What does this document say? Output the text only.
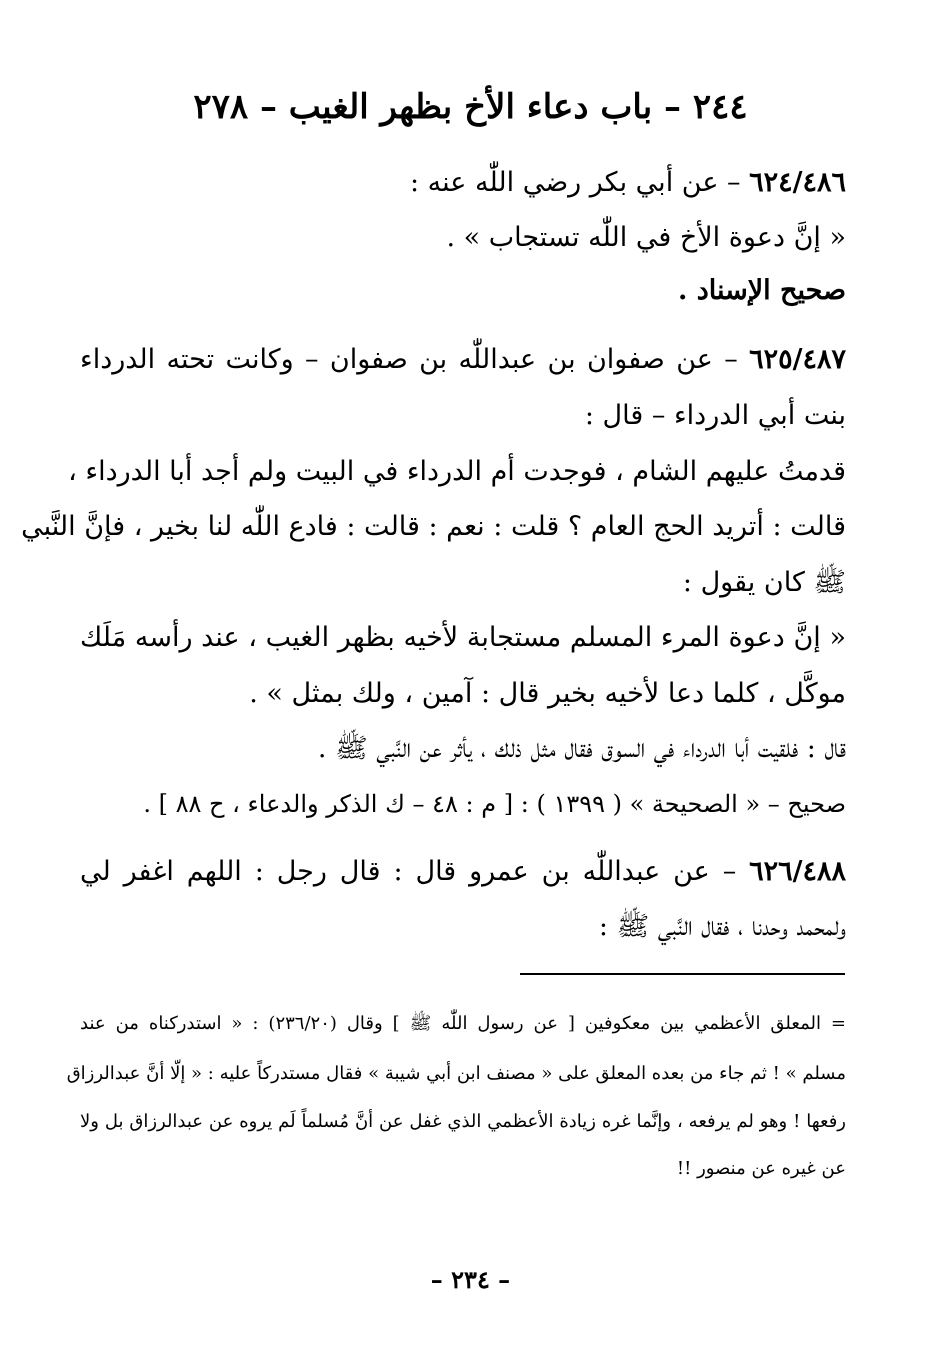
٢٤٤ – باب دعاء الأخ بظهر الغيب – ٢٧٨
٦٢٤/٤٨٦ – عن أبي بكر رضي اللّٰه عنه :
« إنَّ دعوة الأخ في اللّٰه تستجاب » .
صحيح الإسناد .
٦٢٥/٤٨٧ – عن صفوان بن عبداللّٰه بن صفوان – وكانت تحته الدرداء
بنت أبي الدرداء – قال :
قدمتُ عليهم الشام ، فوجدت أم الدرداء في البيت ولم أجد أبا الدرداء ،
قالت : أتريد الحج العام ؟ قلت : نعم : قالت : فادع اللّٰه لنا بخير ، فإنَّ النَّبي
ﷺ كان يقول :
« إنَّ دعوة المرء المسلم مستجابة لأخيه بظهر الغيب ، عند رأسه مَلَك
موكَّل ، كلما دعا لأخيه بخير قال : آمين ، ولك بمثل » .
قال : فلقيت أبا الدرداء في السوق فقال مثل ذلك ، يأثر عن النَّبي ﷺ .
صحيح – « الصحيحة » ( ١٣٩٩ ) : [ م : ٤٨ – ك الذكر والدعاء ، ح ٨٨ ] .
٦٢٦/٤٨٨ – عن عبداللّٰه بن عمرو قال : قال رجل : اللهم اغفر لي
ولمحمد وحدنا ، فقال النَّبي ﷺ :
= المعلق الأعظمي بين معكوفين [ عن رسول اللّٰه ﷺ ] وقال (٢٣٦/٢٠) : « استدركناه من عند
مسلم » ! ثم جاء من بعده المعلق على « مصنف ابن أبي شيبة » فقال مستدركاً عليه : « إلّا أنَّ عبدالرزاق
رفعها ! وهو لم يرفعه ، وإنَّما غره زيادة الأعظمي الذي غفل عن أنَّ مُسلماً لَم يروه عن عبدالرزاق بل ولا
عن غيره عن منصور !!
– ٢٣٤ –
